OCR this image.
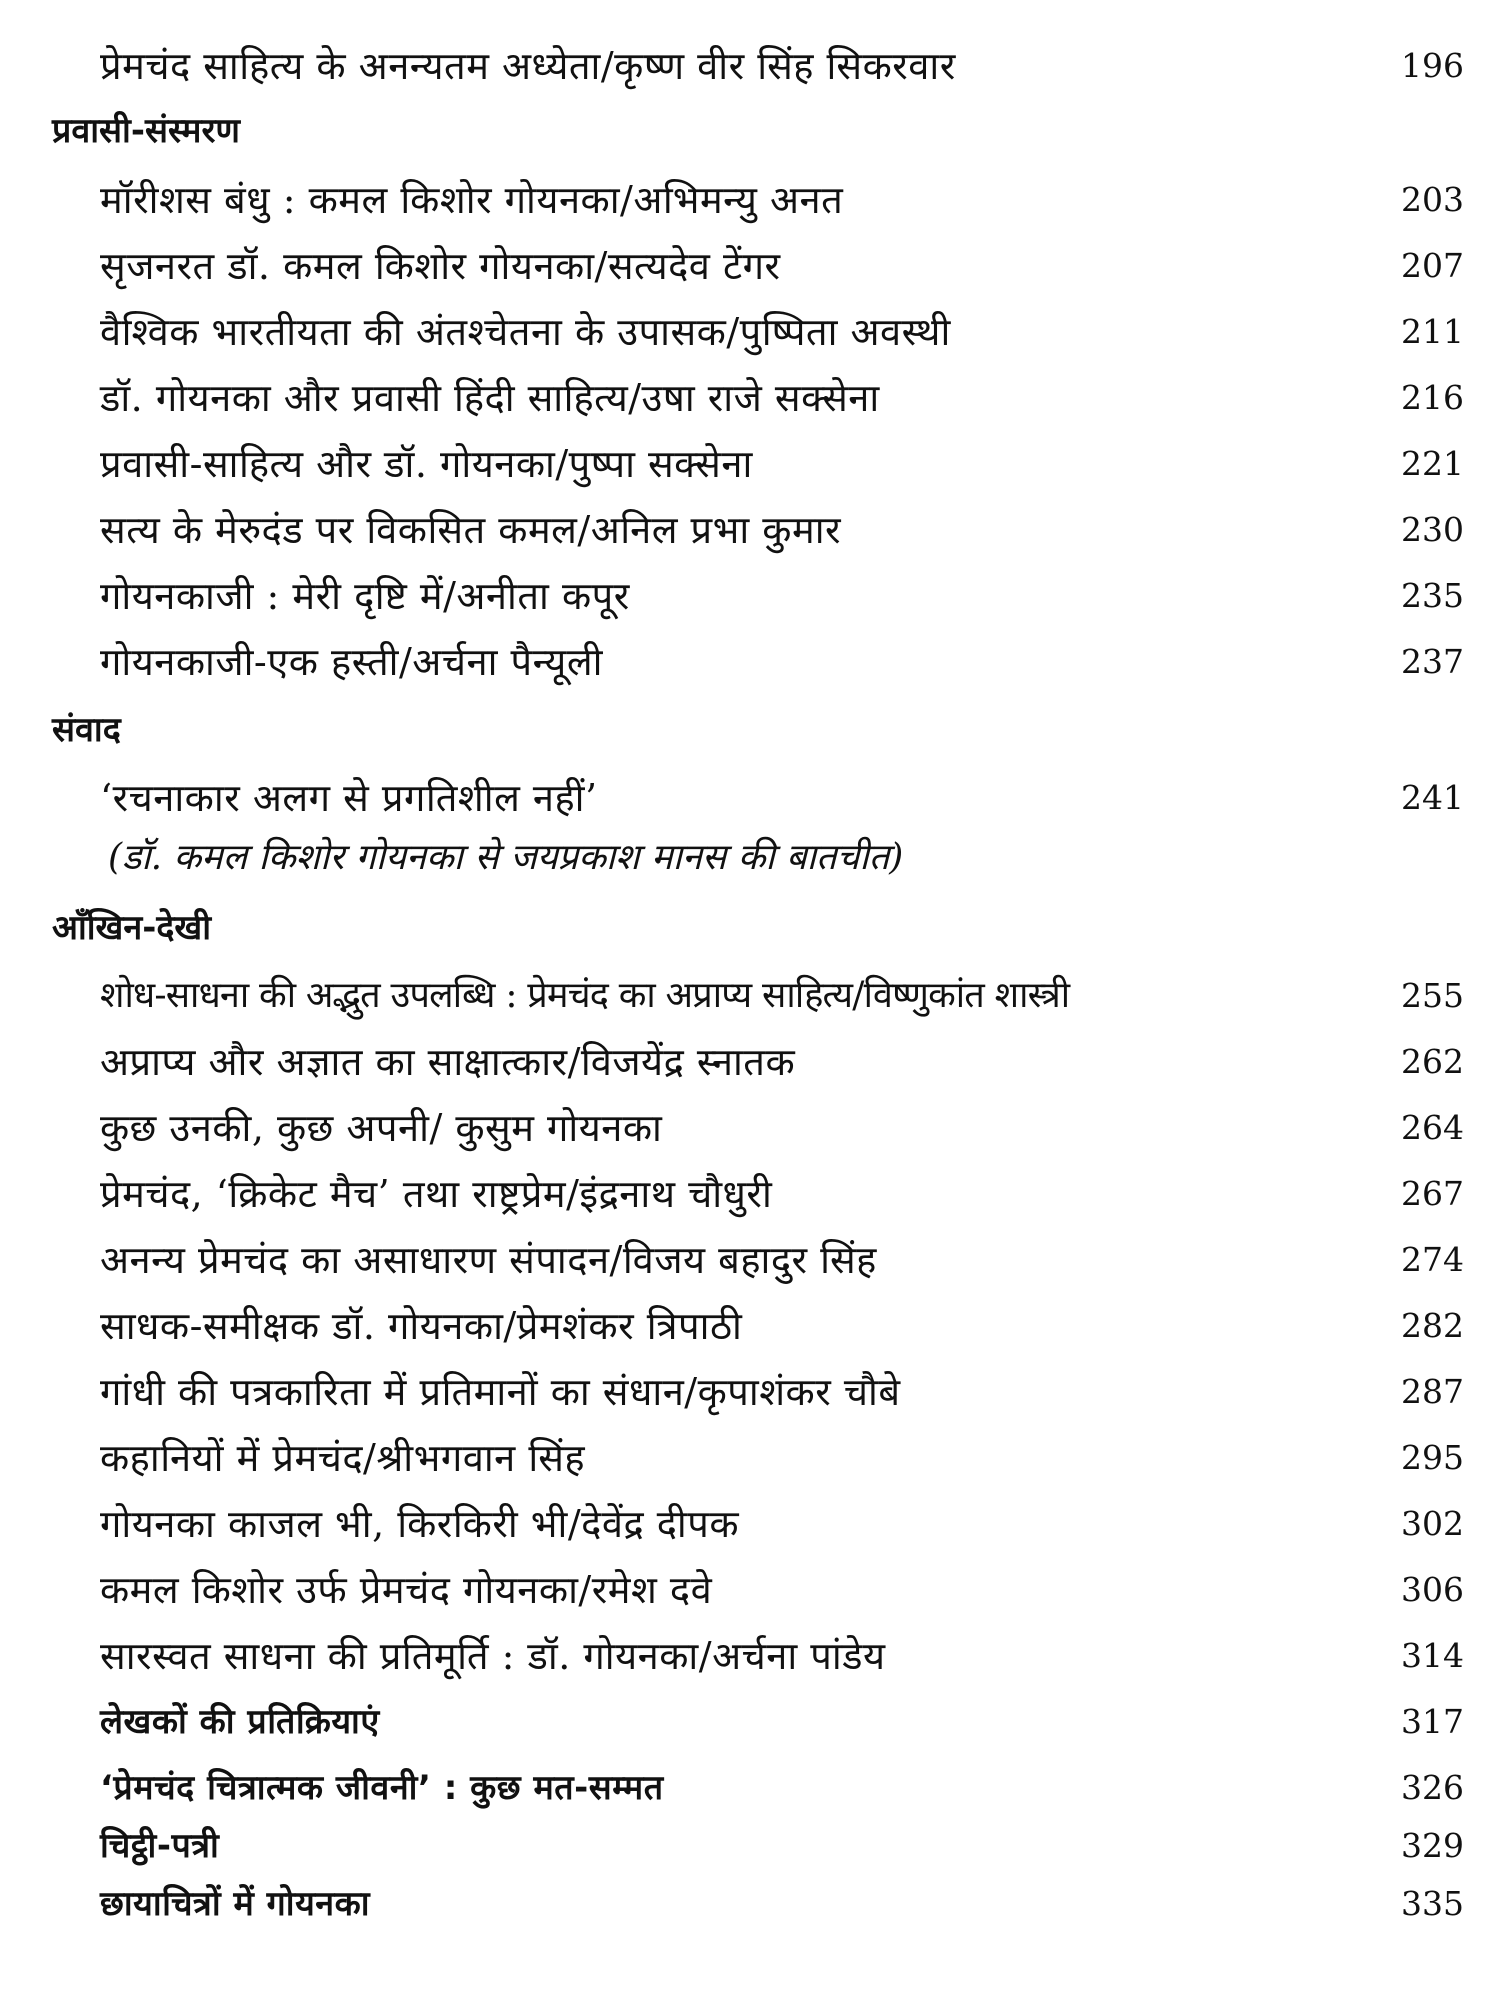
प्रेमचंद साहित्य के अनन्यतम अध्येता/कृष्ण वीर सिंह सिकरवार	196
प्रवासी-संस्मरण
मॉरीशस बंधु : कमल किशोर गोयनका/अभिमन्यु अनत	203
सृजनरत डॉ. कमल किशोर गोयनका/सत्यदेव टेंगर	207
वैश्विक भारतीयता की अंतश्चेतना के उपासक/पुष्पिता अवस्थी	211
डॉ. गोयनका और प्रवासी हिंदी साहित्य/उषा राजे सक्सेना	216
प्रवासी-साहित्य और डॉ. गोयनका/पुष्पा सक्सेना	221
सत्य के मेरुदंड पर विकसित कमल/अनिल प्रभा कुमार	230
गोयनकाजी : मेरी दृष्टि में/अनीता कपूर	235
गोयनकाजी-एक हस्ती/अर्चना पैन्यूली	237
संवाद
‘रचनाकार अलग से प्रगतिशील नहीं’	241
(डॉ. कमल किशोर गोयनका से जयप्रकाश मानस की बातचीत)
आँखिन-देखी
शोध-साधना की अद्भुत उपलब्धि : प्रेमचंद का अप्राप्य साहित्य/विष्णुकांत शास्त्री	255
अप्राप्य और अज्ञात का साक्षात्कार/विजयेंद्र स्नातक	262
कुछ उनकी, कुछ अपनी/ कुसुम गोयनका	264
प्रेमचंद, ‘क्रिकेट मैच’ तथा राष्ट्रप्रेम/इंद्रनाथ चौधुरी	267
अनन्य प्रेमचंद का असाधारण संपादन/विजय बहादुर सिंह	274
साधक-समीक्षक डॉ. गोयनका/प्रेमशंकर त्रिपाठी	282
गांधी की पत्रकारिता में प्रतिमानों का संधान/कृपाशंकर चौबे	287
कहानियों में प्रेमचंद/श्रीभगवान सिंह	295
गोयनका काजल भी, किरकिरी भी/देवेंद्र दीपक	302
कमल किशोर उर्फ प्रेमचंद गोयनका/रमेश दवे	306
सारस्वत साधना की प्रतिमूर्ति : डॉ. गोयनका/अर्चना पांडेय	314
लेखकों की प्रतिक्रियाएं	317
‘प्रेमचंद चित्रात्मक जीवनी’ : कुछ मत-सम्मत	326
चिट्ठी-पत्री	329
छायाचित्रों में गोयनका	335
